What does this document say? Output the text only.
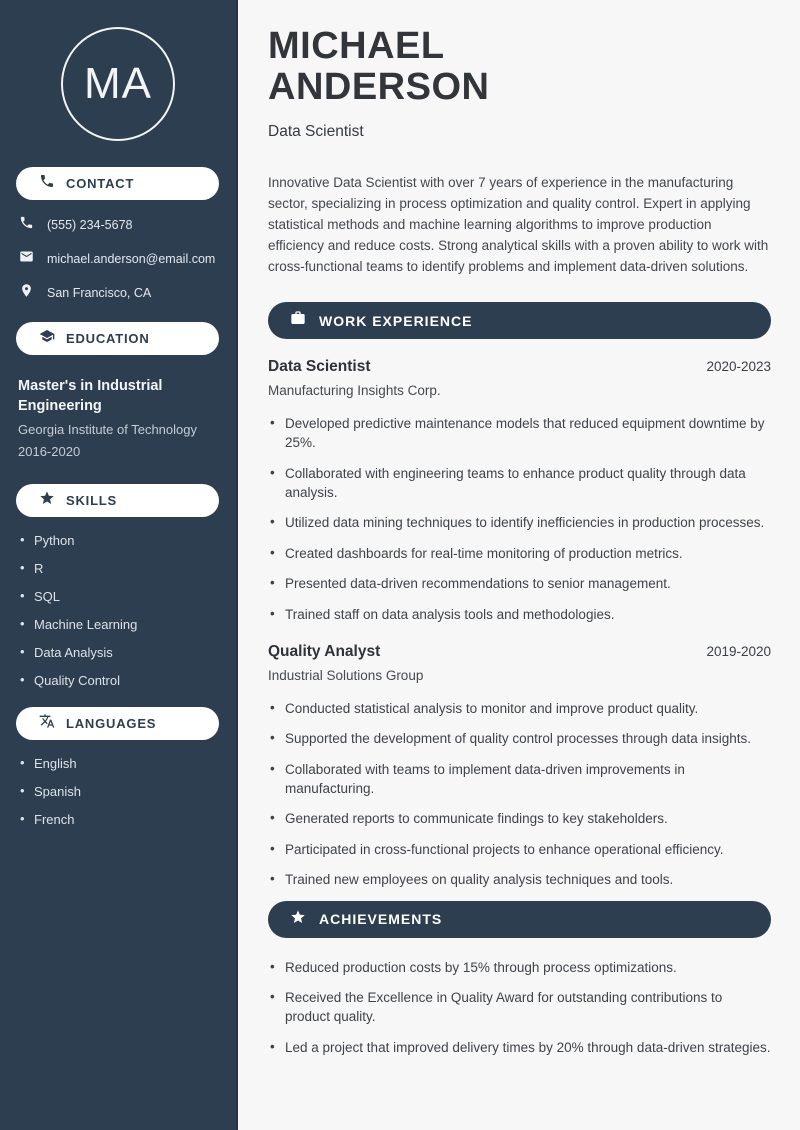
MA
CONTACT
(555) 234-5678
michael.anderson@email.com
San Francisco, CA
EDUCATION
Master's in Industrial Engineering
Georgia Institute of Technology
2016-2020
SKILLS
• Python
• R
• SQL
• Machine Learning
• Data Analysis
• Quality Control
LANGUAGES
• English
• Spanish
• French
MICHAEL
ANDERSON
Data Scientist

Innovative Data Scientist with over 7 years of experience in the manufacturing sector, specializing in process optimization and quality control. Expert in applying statistical methods and machine learning algorithms to improve production efficiency and reduce costs. Strong analytical skills with a proven ability to work with cross-functional teams to identify problems and implement data-driven solutions.

WORK EXPERIENCE
Data Scientist	2020-2023
Manufacturing Insights Corp.
• Developed predictive maintenance models that reduced equipment downtime by 25%.
• Collaborated with engineering teams to enhance product quality through data analysis.
• Utilized data mining techniques to identify inefficiencies in production processes.
• Created dashboards for real-time monitoring of production metrics.
• Presented data-driven recommendations to senior management.
• Trained staff on data analysis tools and methodologies.
Quality Analyst	2019-2020
Industrial Solutions Group
• Conducted statistical analysis to monitor and improve product quality.
• Supported the development of quality control processes through data insights.
• Collaborated with teams to implement data-driven improvements in manufacturing.
• Generated reports to communicate findings to key stakeholders.
• Participated in cross-functional projects to enhance operational efficiency.
• Trained new employees on quality analysis techniques and tools.
ACHIEVEMENTS
• Reduced production costs by 15% through process optimizations.
• Received the Excellence in Quality Award for outstanding contributions to product quality.
• Led a project that improved delivery times by 20% through data-driven strategies.
